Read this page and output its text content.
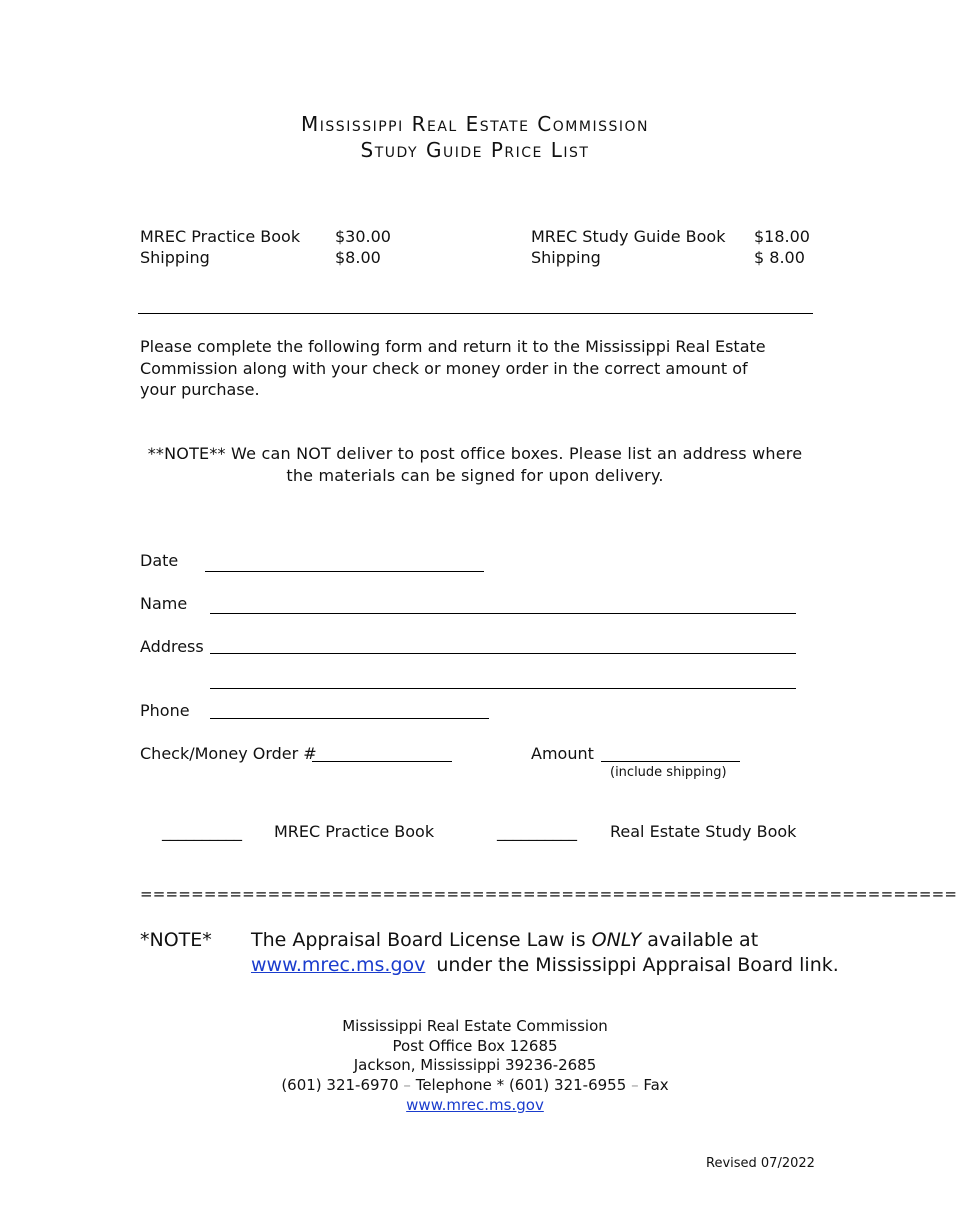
Mississippi Real Estate Commission
Study Guide Price List
MREC Practice Book $30.00
Shipping	$8.00
MREC Study Guide Book $18.00
Shipping	$ 8.00
Please complete the following form and return it to the Mississippi Real Estate Commission along with your check or money order in the correct amount of your purchase.
**NOTE** We can NOT deliver to post office boxes. Please list an address where the materials can be signed for upon delivery.
Date
Name
Address
Phone
Check/Money Order #	Amount
(include shipping)
__________ MREC Practice Book	__________ Real Estate Study Book
================================================================
*NOTE* The Appraisal Board License Law is ONLY available at
www.mrec.ms.gov under the Mississippi Appraisal Board link.
Mississippi Real Estate Commission
Post Office Box 12685
Jackson, Mississippi 39236-2685
(601) 321-6970 – Telephone * (601) 321-6955 – Fax
www.mrec.ms.gov
Revised 07/2022
